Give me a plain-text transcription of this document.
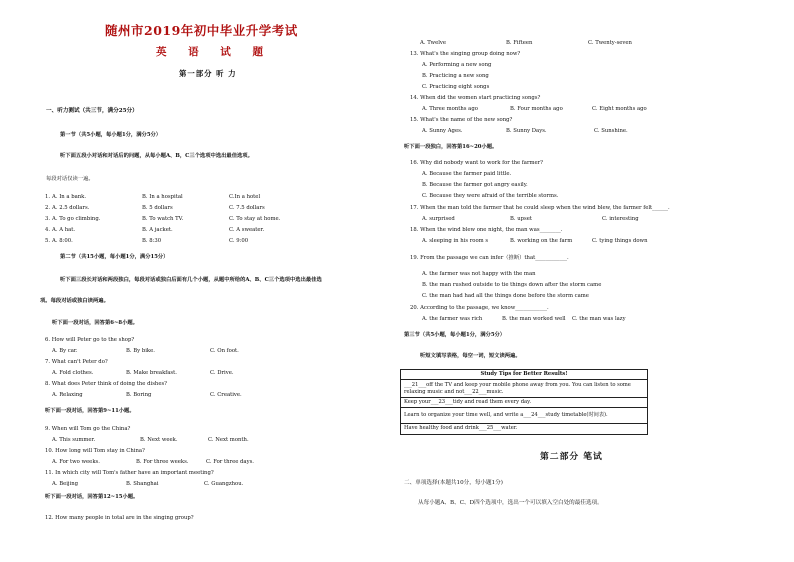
随州市2019年初中毕业升学考试
英 语 试 题
第一部分 听 力
一、听力测试（共三节，满分25分）
第一节（共5小题，每小题1分，满分5分）
听下面五段小对话和对话后的问题，从每小题A、B，C三个选项中选出最佳选项。
每段对话仅读一遍。
1. A. In a bank.	B. In a hospital	C.In a hotel
2. A. 2.5 dollars.	B. 5 dollars	C. 7.5 dollars
3. A. To go climbing.	B. To watch TV.	C. To stay at home.
4. A. A hat.	B. A jacket.	C. A sweater.
5. A. 8:00.	B. 8:30	C. 9:00
第二节（共15小题，每小题1分，满分15分）
听下面三段长对话和两段独白，每段对话或独白后面有几个小题，从题中所给的A、B、C三个选项中选出最佳选
项。每段对话或独白读两遍。
听下面一段对话，回答第6~8小题。
6. How will Peter go to the shop?
A. By car.	B. By bike.	C. On foot.
7. What can't Peter do?
A. Fold clothes.	B. Make breakfast.	C. Drive.
8. What does Peter think of doing the dishes?
A. Relaxing	B. Boring	C. Creative.
听下面一段对话，回答第9~11小题。
9. When will Tom go the China?
A. This summer.	B. Next week.	C. Next month.
10. How long will Tom stay in China?
A. For two weeks.	B. For three weeks.	C. For three days.
11. In which city will Tom's father have an important meeting?
A. Beijing	B. Shanghai	C. Guangzhou.
听下面一段对话，回答第12~15小题。
12. How many people in total are in the singing group?
A. Twelve	B. Fifteen	C. Twenty-seven
13. What's the singing group doing now?
A. Performing a new song
B. Practicing a new song
C. Practicing eight songs
14. When did the women start practicing songs?
A. Three months ago	B. Four months ago	C. Eight months ago
15. What's the name of the new song?
A. Sunny Ages.	B. Sunny Days.	C. Sunshine.
听下面一段独白，回答第16~20小题。
16. Why did nobody want to work for the farmer?
A. Because the farmer paid little.
B. Because the farmer got angry easily.
C. Because they were afraid of the terrible storms.
17. When the man told the farmer that he could sleep when the wind blew, the farmer felt______.
A. surprised	B. upset	C. interesting
18. When the wind blew one night, the man was________.
A. sleeping in his room s	B. working on the farm	C. tying things down
19. From the passage we can infer（推断）that____________.
A. the farmer was not happy with the man
B. the man rushed outside to tie things down after the storm came
C. the man had had all the things done before the storm came
20. According to the passage, we know____________.
A. the farmer was rich	B. the man worked well C. the man was lazy
第三节（共5小题，每小题1分，满分5分）
听短文填写表格，每空一词，短文读两遍。
Study Tips for Better Results!
___21___off the TV and keep your mobile phone away from you. You can listen to some relaxing music and not___22___music.
Keep your___23___tidy and read them every day.
Learn to organize your time well, and write a___24___study timetable(时间表).
Have healthy food and drink___25___water.
第二部分 笔试
二、单项选择(本题共10分，每小题1分)
从每小题A、B、C、D四个选项中，选出一个可以填入空白处的最佳选项。
